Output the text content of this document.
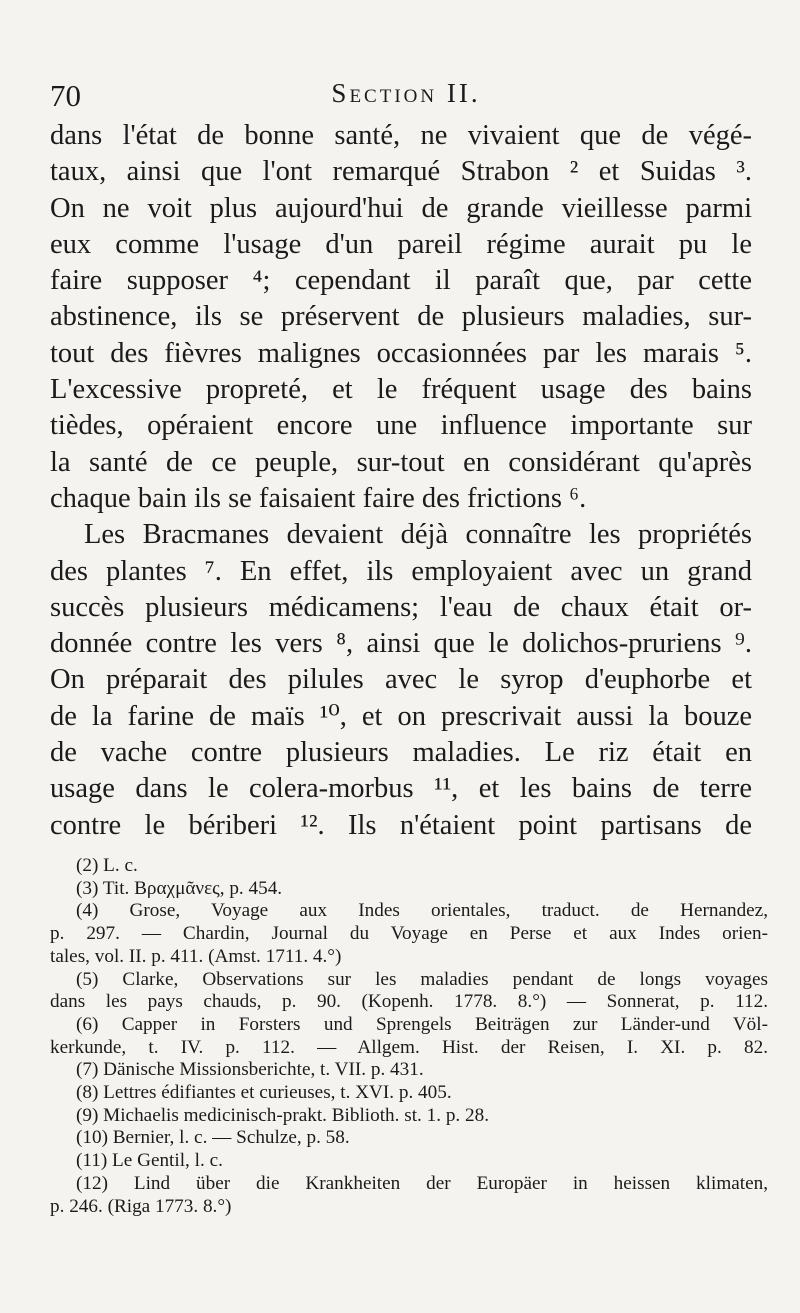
70	Section II.
dans l'état de bonne santé, ne vivaient que de végé-
taux, ainsi que l'ont remarqué Strabon ² et Suidas ³.
On ne voit plus aujourd'hui de grande vieillesse parmi
eux comme l'usage d'un pareil régime aurait pu le
faire supposer ⁴; cependant il paraît que, par cette
abstinence, ils se préservent de plusieurs maladies, sur-
tout des fièvres malignes occasionnées par les marais ⁵.
L'excessive propreté, et le fréquent usage des bains
tièdes, opéraient encore une influence importante sur
la santé de ce peuple, sur-tout en considérant qu'après
chaque bain ils se faisaient faire des frictions ⁶.
Les Bracmanes devaient déjà connaître les propriétés
des plantes ⁷. En effet, ils employaient avec un grand
succès plusieurs médicamens; l'eau de chaux était or-
donnée contre les vers ⁸, ainsi que le dolichos-pruriens ⁹.
On préparait des pilules avec le syrop d'euphorbe et
de la farine de maïs ¹⁰, et on prescrivait aussi la bouze
de vache contre plusieurs maladies. Le riz était en
usage dans le colera-morbus ¹¹, et les bains de terre
contre le bériberi ¹². Ils n'étaient point partisans de
(2) L. c.
(3) Tit. Βραχμᾶνες, p. 454.
(4) Grose, Voyage aux Indes orientales, traduct. de Hernandez,
p. 297. — Chardin, Journal du Voyage en Perse et aux Indes orien-
tales, vol. II. p. 411. (Amst. 1711. 4.°)
(5) Clarke, Observations sur les maladies pendant de longs voyages
dans les pays chauds, p. 90. (Kopenh. 1778. 8.°) — Sonnerat, p. 112.
(6) Capper in Forsters und Sprengels Beiträgen zur Länder-und Völ-
kerkunde, t. IV. p. 112. — Allgem. Hist. der Reisen, I. XI. p. 82.
(7) Dänische Missionsberichte, t. VII. p. 431.
(8) Lettres édifiantes et curieuses, t. XVI. p. 405.
(9) Michaelis medicinisch-prakt. Biblioth. st. 1. p. 28.
(10) Bernier, l. c. — Schulze, p. 58.
(11) Le Gentil, l. c.
(12) Lind über die Krankheiten der Europäer in heissen klimaten,
p. 246. (Riga 1773. 8.°)
